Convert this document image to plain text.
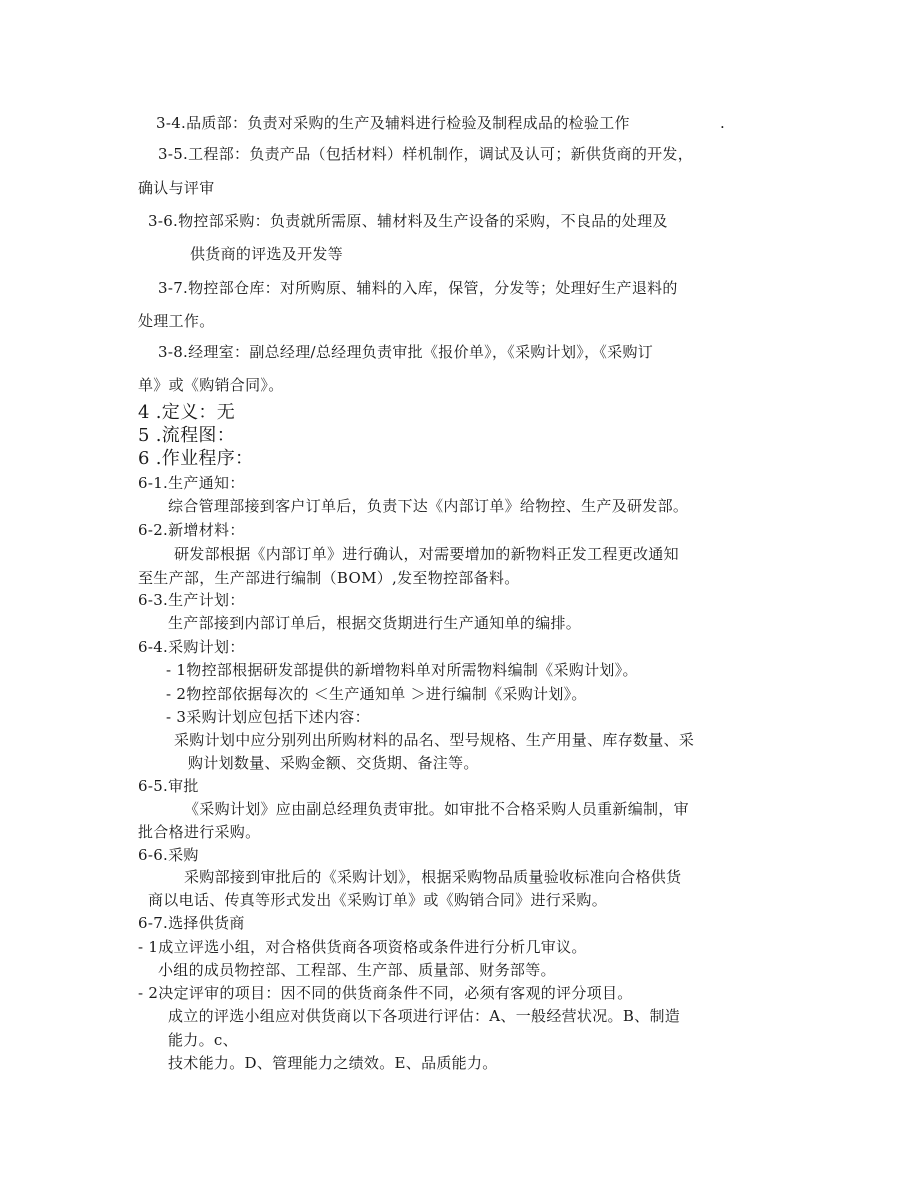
3-4.品质部：负责对采购的生产及辅料进行检验及制程成品的检验工作	.
3-5.工程部：负责产品（包括材料）样机制作，调试及认可；新供货商的开发，
确认与评审
3-6.物控部采购：负责就所需原、辅材料及生产设备的采购，不良品的处理及
供货商的评选及开发等
3-7.物控部仓库：对所购原、辅料的入库，保管，分发等；处理好生产退料的
处理工作。
3-8.经理室：副总经理/总经理负责审批《报价单》，《采购计划》，《采购订
单》或《购销合同》。
4 .定义：无
5 .流程图：
6 .作业程序：
6-1.生产通知：
综合管理部接到客户订单后，负责下达《内部订单》给物控、生产及研发部。
6-2.新增材料：
研发部根据《内部订单》进行确认，对需要增加的新物料正发工程更改通知
至生产部，生产部进行编制（BOM）,发至物控部备料。
6-3.生产计划：
生产部接到内部订单后，根据交货期进行生产通知单的编排。
6-4.采购计划：
- 1物控部根据研发部提供的新增物料单对所需物料编制《采购计划》。
- 2物控部依据每次的 ＜生产通知单 ＞进行编制《采购计划》。
- 3采购计划应包括下述内容：
采购计划中应分别列出所购材料的品名、型号规格、生产用量、库存数量、采
购计划数量、采购金额、交货期、备注等。
6-5.审批
《采购计划》应由副总经理负责审批。如审批不合格采购人员重新编制，审
批合格进行采购。
6-6.采购
采购部接到审批后的《采购计划》，根据采购物品质量验收标准向合格供货
商以电话、传真等形式发出《采购订单》或《购销合同》进行采购。
6-7.选择供货商
- 1成立评选小组，对合格供货商各项资格或条件进行分析几审议。
小组的成员物控部、工程部、生产部、质量部、财务部等。
- 2决定评审的项目：因不同的供货商条件不同，必须有客观的评分项目。
成立的评选小组应对供货商以下各项进行评估：A、一般经营状况。B、制造
能力。c、
技术能力。D、管理能力之绩效。E、品质能力。
